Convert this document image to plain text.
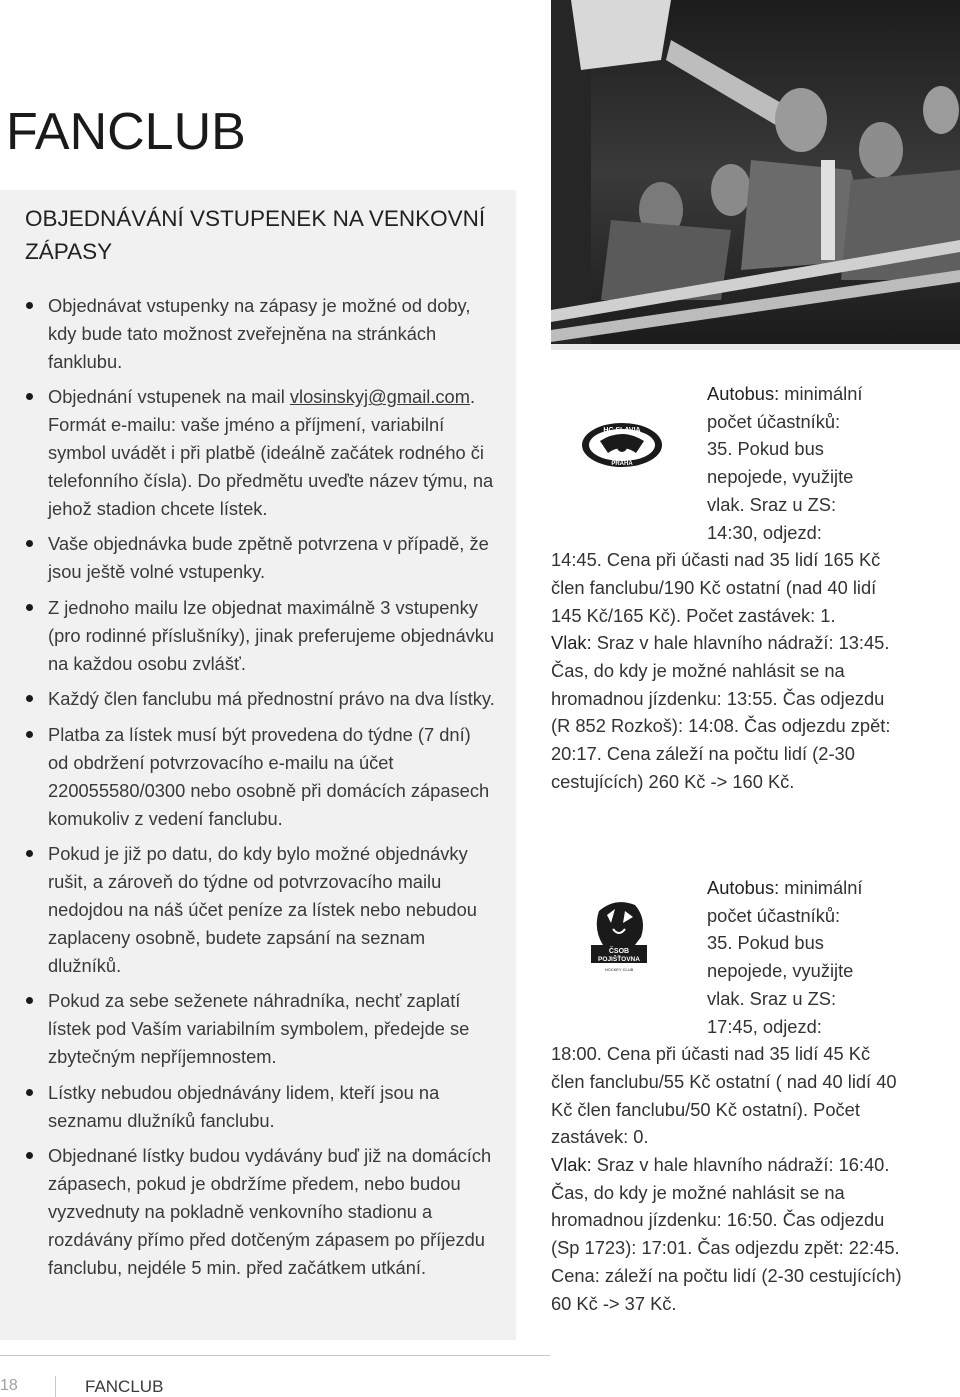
FANCLUB
OBJEDNÁVÁNÍ VSTUPENEK NA VENKOVNÍ ZÁPASY
Objednávat vstupenky na zápasy je možné od doby, kdy bude tato možnost zveřejněna na stránkách fanklubu.
Objednání vstupenek na mail vlosinskyj@gmail.com. Formát e-mailu: vaše jméno a příjmení, variabilní symbol uvádět i při platbě (ideálně začátek rodného či telefonního čísla). Do předmětu uveďte název týmu, na jehož stadion chcete lístek.
Vaše objednávka bude zpětně potvrzena v případě, že jsou ještě volné vstupenky.
Z jednoho mailu lze objednat maximálně 3 vstupenky (pro rodinné příslušníky), jinak preferujeme objednávku na každou osobu zvlášť.
Každý člen fanclubu má přednostní právo na dva lístky.
Platba za lístek musí být provedena do týdne (7 dní) od obdržení potvrzovacího e-mailu na účet 220055580/0300 nebo osobně při domácích zápasech komukoliv z vedení fanclubu.
Pokud je již po datu, do kdy bylo možné objednávky rušit, a zároveň do týdne od potvrzovacího mailu nedojdou na náš účet peníze za lístek nebo nebudou zaplaceny osobně, budete zapsání na seznam dlužníků.
Pokud za sebe seženete náhradníka, nechť zaplatí lístek pod Vaším variabilním symbolem, předejde se zbytečným nepříjemnostem.
Lístky nebudou objednávány lidem, kteří jsou na seznamu dlužníků fanclubu.
Objednané lístky budou vydávány buď již na domácích zápasech, pokud je obdržíme předem, nebo budou vyzvednuty na pokladně venkovního stadionu a rozdávány přímo před dotčeným zápasem po příjezdu fanclubu, nejdéle 5 min. před začátkem utkání.
HC SLAVIA
PRAHA

Autobus: minimální
počet účastníků:
35. Pokud bus
nepojede, využijte
vlak. Sraz u ZS:
14:30, odjezd:
14:45. Cena při účasti nad 35 lidí 165 Kč člen fanclubu/190 Kč ostatní (nad 40 lidí 145 Kč/165 Kč). Počet zastávek: 1.

Vlak: Sraz v hale hlavního nádraží: 13:45. Čas, do kdy je možné nahlásit se na hromadnou jízdenku: 13:55. Čas odjezdu (R 852 Rozkoš): 14:08. Čas odjezdu zpět: 20:17. Cena záleží na počtu lidí (2-30 cestujících) 260 Kč -> 160 Kč.

ČSOB
POJIŠŤOVNA
HOCKEY CLUB

Autobus: minimální
počet účastníků:
35. Pokud bus
nepojede, využijte
vlak. Sraz u ZS:
17:45, odjezd:
18:00. Cena při účasti nad 35 lidí 45 Kč člen fanclubu/55 Kč ostatní ( nad 40 lidí 40 Kč člen fanclubu/50 Kč ostatní). Počet zastávek: 0.

Vlak: Sraz v hale hlavního nádraží: 16:40. Čas, do kdy je možné nahlásit se na hromadnou jízdenku: 16:50. Čas odjezdu (Sp 1723): 17:01. Čas odjezdu zpět: 22:45. Cena: záleží na počtu lidí (2-30 cestujících) 60 Kč -> 37 Kč.

18	FANCLUB
